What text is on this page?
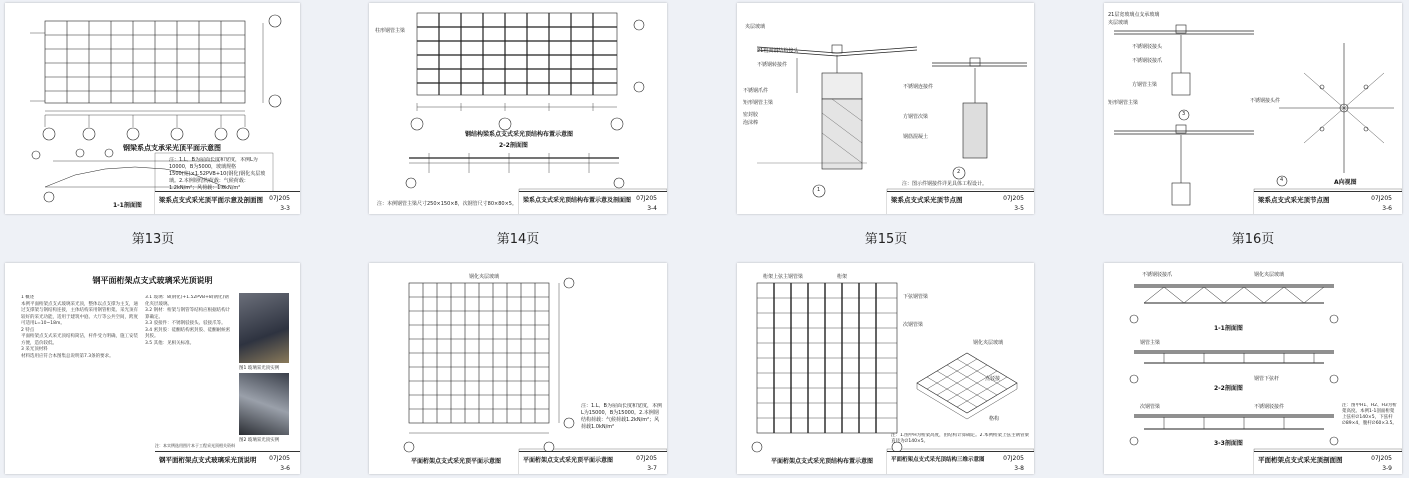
钢梁系点支承采光顶平面示意图
1-1剖面图
注：1.L、B为屋面长度和宽度，本例L为10000，B为5000，玻璃规格1500(宽)×1.52PVB+10(钢化)钢化夹层玻璃。2.本例钢结构荷载：气候荷载：1.2kN/m²；风荷载：1.0kN/m²
梁系点支式采光顶平面示意及剖面图 07J205
3-3
第13页
柱形钢管主梁
钢结构梁系点支式采光顶结构布置示意图
2-2剖面图
注：本例钢管主梁尺寸250×150×8，次钢管尺寸80×80×5。 梁系点支式采光顶结构布置示意及剖面图 07J205
3-4
第14页
夹层玻璃
21粗面钢结构接头
不锈钢转接件
不锈钢爪件
矩形钢管主梁
密封胶
泡沫棒
不锈钢连接件
方钢管次梁
钢筋混凝土
1
2
注：图示件钢接件详见具体工程设计。
梁系点支式采光顶节点图	07J205
3-5
第15页
21层宽玻璃点支承玻璃
夹层玻璃
不锈钢驳接头
不锈钢驳接爪
方钢管主梁
矩形钢管主梁	不锈钢接头件
A向视图
3
4
梁系点支式采光顶节点图	07J205
3-6
第16页
钢平面桁架点支式玻璃采光顶说明
1 概述
本例平面桁架点支式玻璃采光顶，整体以点支撑为主支，通过支撑架与钢结构连接，主体结构采用钢管桁架。采光顶有较好的采光功能，适用于建筑中庭、大厅等公共空间，跨度可适用L=10~18m。
2 特点
平面桁架点支式采光顶结构简洁，杆件受力明确，施工安装方便，造价较低。
3 采光顶材料
材料选用应符合本图集总说明第7.3条的要求。
3.1 玻璃：8(钢化)+1.52PVB+8(钢化)钢化夹层玻璃。
3.2 钢材：桁架与钢管等结构应根据结构计算确定。
3.3 驳接件：不锈钢驳接头、驳接爪等。
3.4 密封胶：硅酮结构密封胶、硅酮耐候密封胶。
3.5 其他：见相关标准。
图1 玻璃采光顶实例
图2 玻璃采光顶实例
注：本实例选用图片本于工程采光顶相关资料
钢平面桁架点支式玻璃采光顶说明 07J205
3-6
钢化夹层玻璃
平面桁架点支式采光顶平面示意图
注：1.L、B为屋面长度和宽度，本例L为15000，B为15000。2.本例钢结构荷载：气候荷载1.2kN/m²；风荷载1.0kN/m²
平面桁架点支式采光顶平面示意图	07J205
3-7
桁架上弦主钢管梁	桁架
下弦钢管梁
次钢管梁
钢化夹层玻璃
点驳接
格构
平面桁架点支式采光顶结构布置示意图
注：1.图中H为桁架高度，由结构计算确定。2.本例桁架上弦主钢管梁直径为∅140×5。
平面桁架点支式采光顶结构三维示意图	07J205
3-8
不锈钢驳接爪	钢化夹层玻璃
钢管主梁
钢管下弦杆
次钢管梁	不锈钢驳接件
1-1剖面图
2-2剖面图
3-3剖面图
注：图中H1、H2、H3为桁架高度。本例1-1剖面桁架上弦杆∅140×5，下弦杆∅89×4，腹杆∅60×3.5。
平面桁架点支式采光顶剖面图	07J205
3-9
